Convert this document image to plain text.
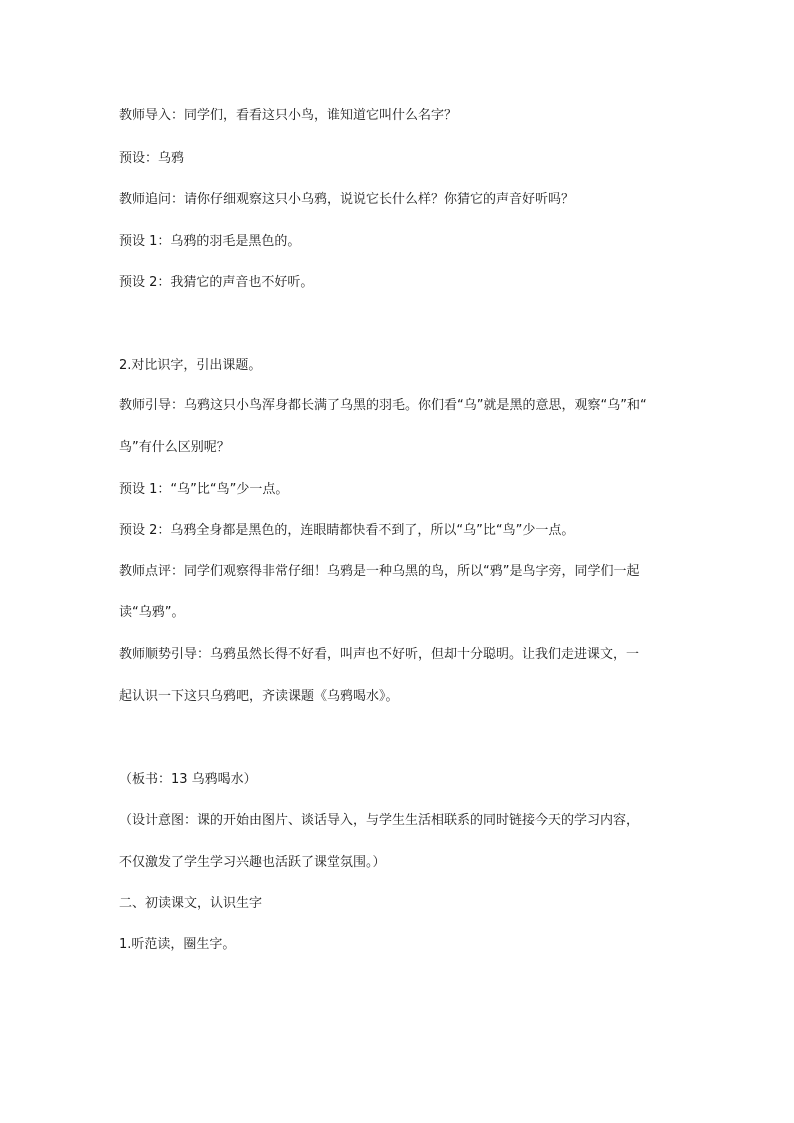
教师导入：同学们，看看这只小鸟，谁知道它叫什么名字？
预设：乌鸦
教师追问：请你仔细观察这只小乌鸦，说说它长什么样？你猜它的声音好听吗？
预设 1：乌鸦的羽毛是黑色的。
预设 2：我猜它的声音也不好听。
2.对比识字，引出课题。
教师引导：乌鸦这只小鸟浑身都长满了乌黑的羽毛。你们看“乌”就是黑的意思，观察“乌”和“
鸟”有什么区别呢？
预设 1：“乌”比“鸟”少一点。
预设 2：乌鸦全身都是黑色的，连眼睛都快看不到了，所以“乌”比“鸟”少一点。
教师点评：同学们观察得非常仔细！乌鸦是一种乌黑的鸟，所以“鸦”是鸟字旁，同学们一起
读“乌鸦”。
教师顺势引导：乌鸦虽然长得不好看，叫声也不好听，但却十分聪明。让我们走进课文，一
起认识一下这只乌鸦吧，齐读课题《乌鸦喝水》。
（板书：13 乌鸦喝水）
（设计意图：课的开始由图片、谈话导入，与学生生活相联系的同时链接今天的学习内容，
不仅激发了学生学习兴趣也活跃了课堂氛围。）
二、初读课文，认识生字
1.听范读，圈生字。
